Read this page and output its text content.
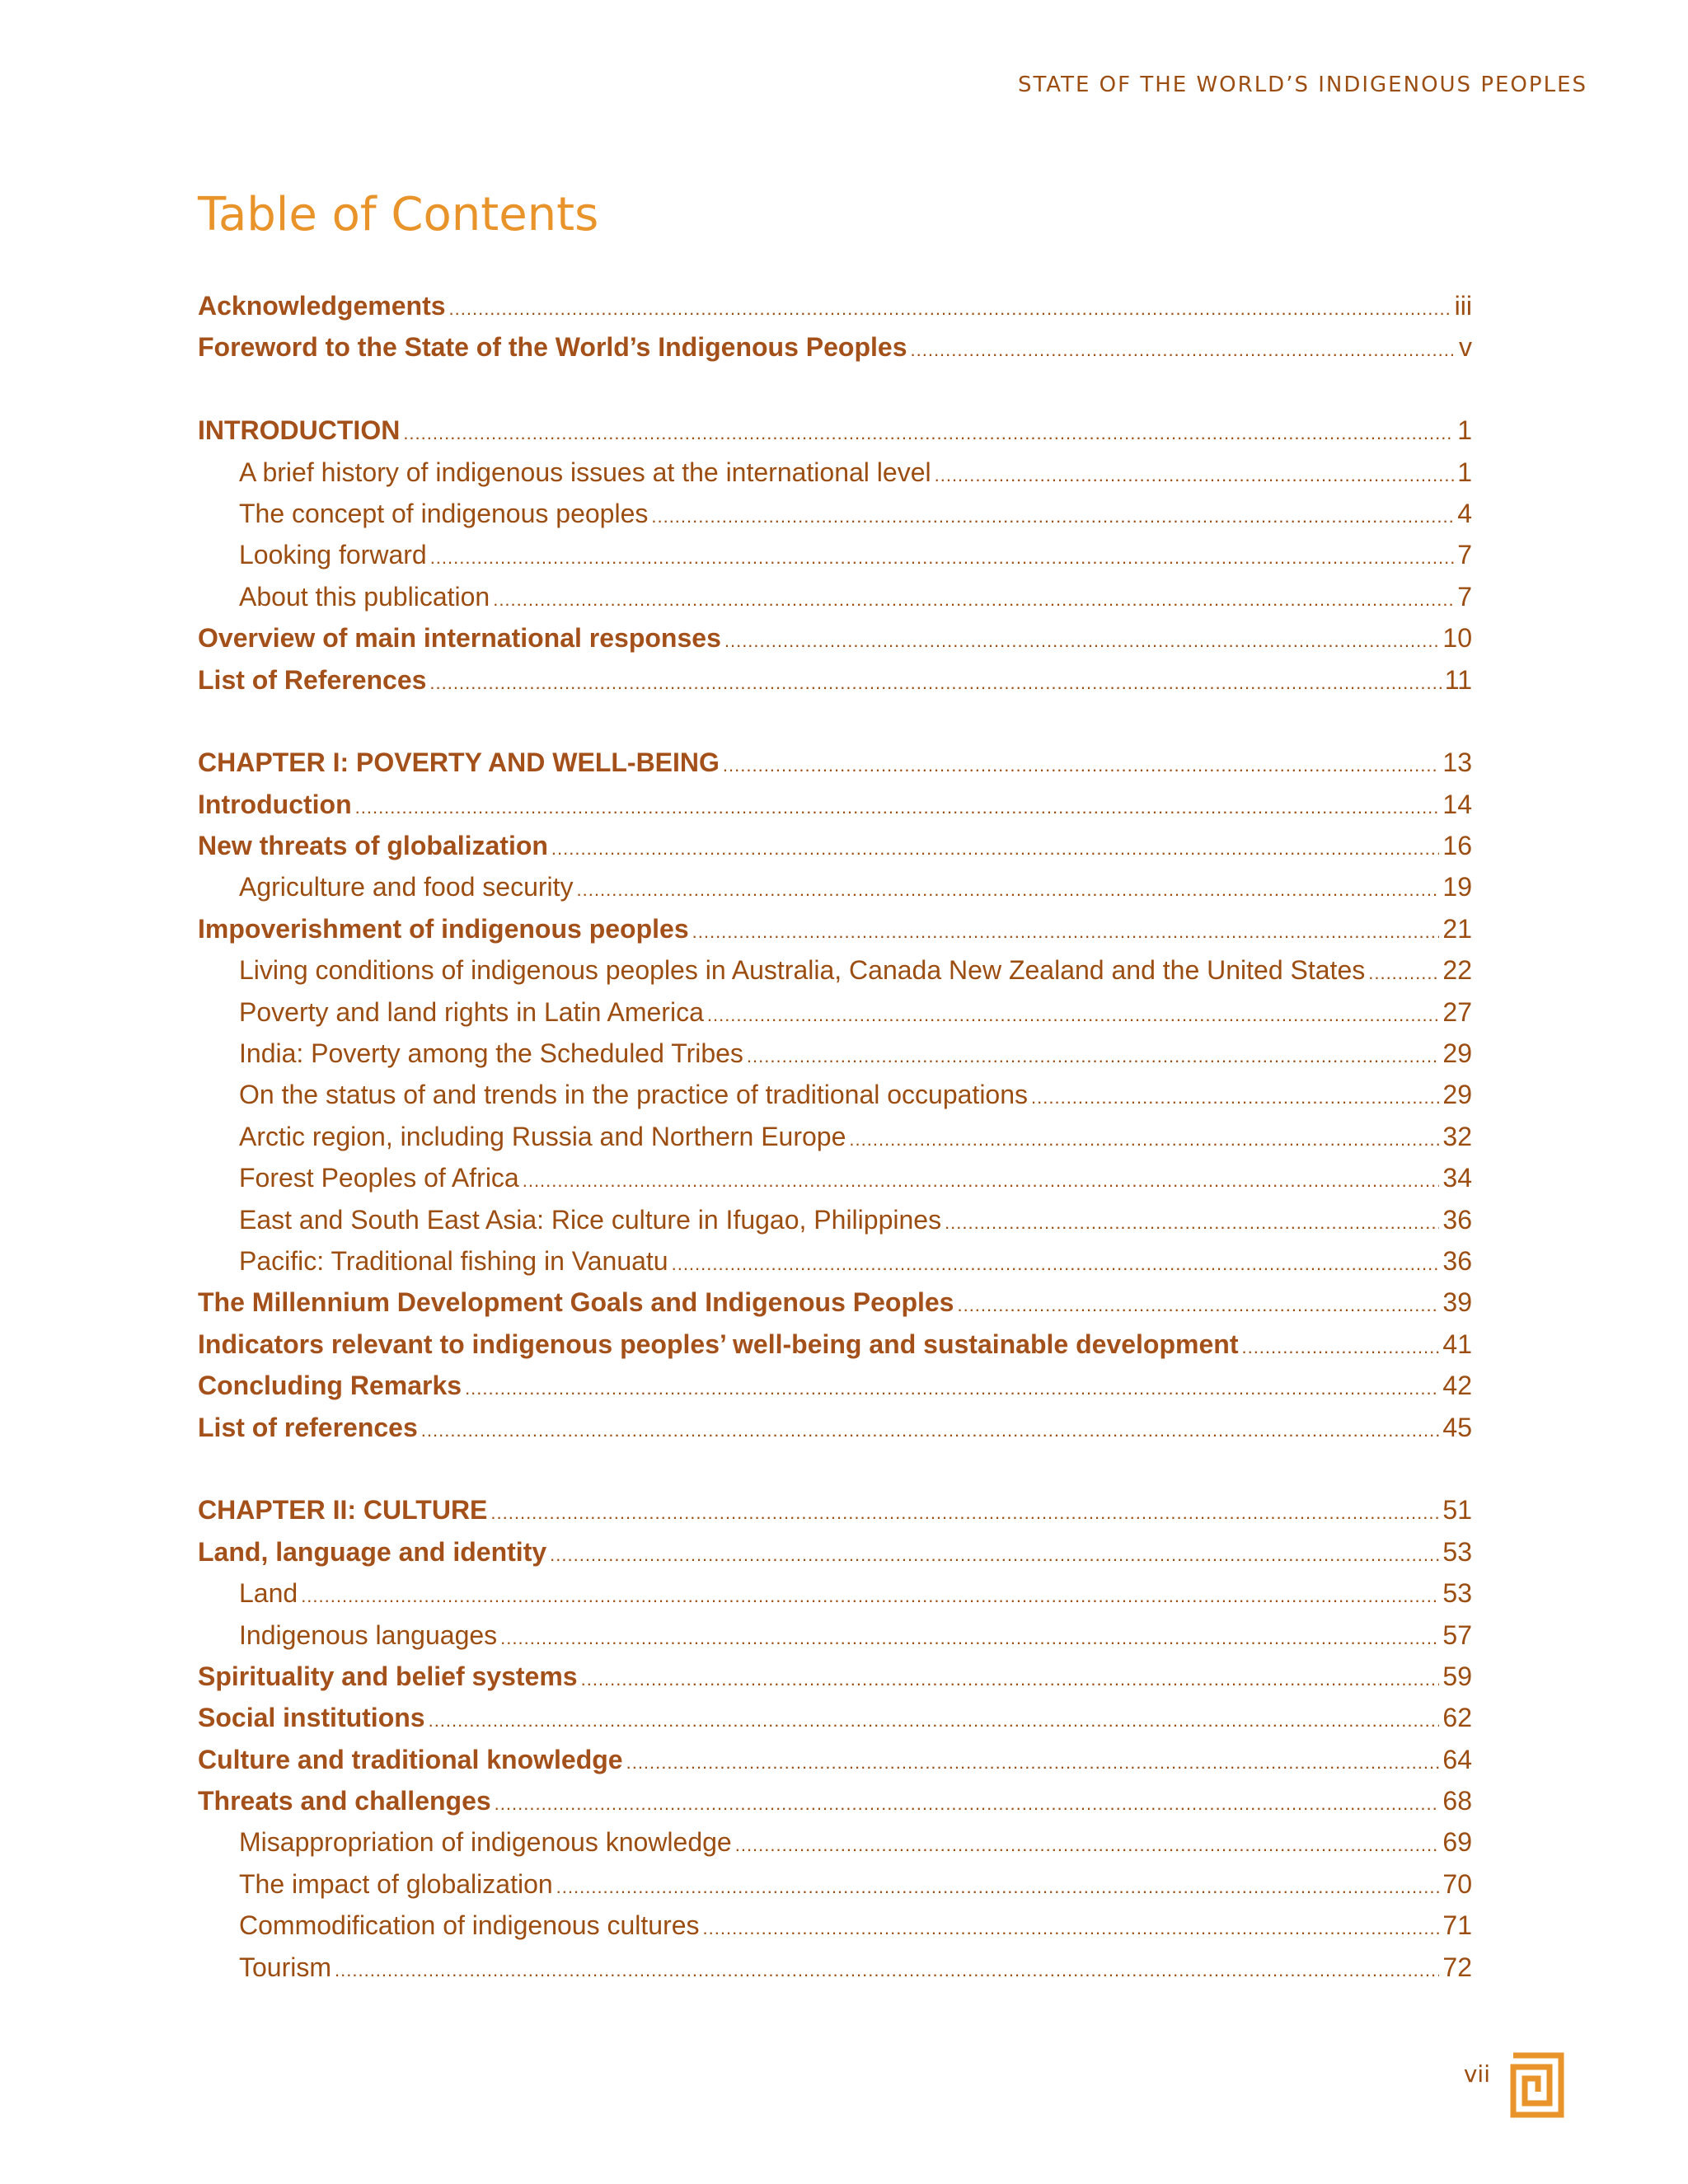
STATE OF THE WORLD’S INDIGENOUS PEOPLES
Table of Contents
Acknowledgements .....	iii
Foreword to the State of the World’s Indigenous Peoples .....	v
INTRODUCTION .....	1
A brief history of indigenous issues at the international level .....	1
The concept of indigenous peoples .....	4
Looking forward .....	7
About this publication .....	7
Overview of main international responses .....	10
List of References .....	11
CHAPTER I: POVERTY AND WELL-BEING .....	13
Introduction .....	14
New threats of globalization .....	16
Agriculture and food security .....	19
Impoverishment of indigenous peoples .....	21
Living conditions of indigenous peoples in Australia, Canada New Zealand and the United States .....	22
Poverty and land rights in Latin America .....	27
India: Poverty among the Scheduled Tribes .....	29
On the status of and trends in the practice of traditional occupations .....	29
Arctic region, including Russia and Northern Europe .....	32
Forest Peoples of Africa .....	34
East and South East Asia: Rice culture in Ifugao, Philippines .....	36
Pacific: Traditional fishing in Vanuatu .....	36
The Millennium Development Goals and Indigenous Peoples .....	39
Indicators relevant to indigenous peoples’ well-being and sustainable development .....	41
Concluding Remarks .....	42
List of references .....	45
CHAPTER II: CULTURE .....	51
Land, language and identity .....	53
Land .....	53
Indigenous languages .....	57
Spirituality and belief systems .....	59
Social institutions .....	62
Culture and traditional knowledge .....	64
Threats and challenges .....	68
Misappropriation of indigenous knowledge .....	69
The impact of globalization .....	70
Commodification of indigenous cultures .....	71
Tourism .....	72
vii
